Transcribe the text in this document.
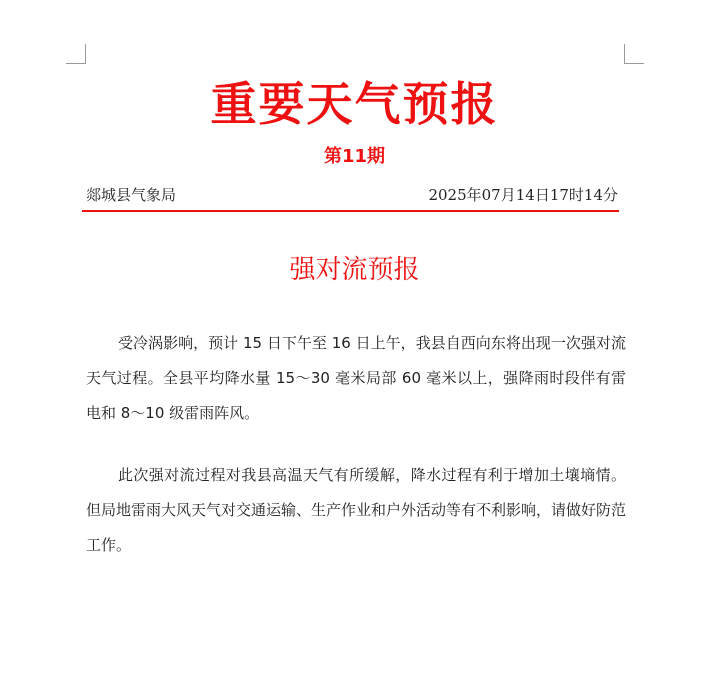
重要天气预报
第11期
郯城县气象局	2025年07月14日17时14分
强对流预报

受冷涡影响，预计 15 日下午至 16 日上午，我县自西向东将出现一次强对流天气过程。全县平均降水量 15～30 毫米局部 60 毫米以上，强降雨时段伴有雷电和 8～10 级雷雨阵风。

此次强对流过程对我县高温天气有所缓解，降水过程有利于增加土壤墒情。但局地雷雨大风天气对交通运输、生产作业和户外活动等有不利影响，请做好防范工作。
